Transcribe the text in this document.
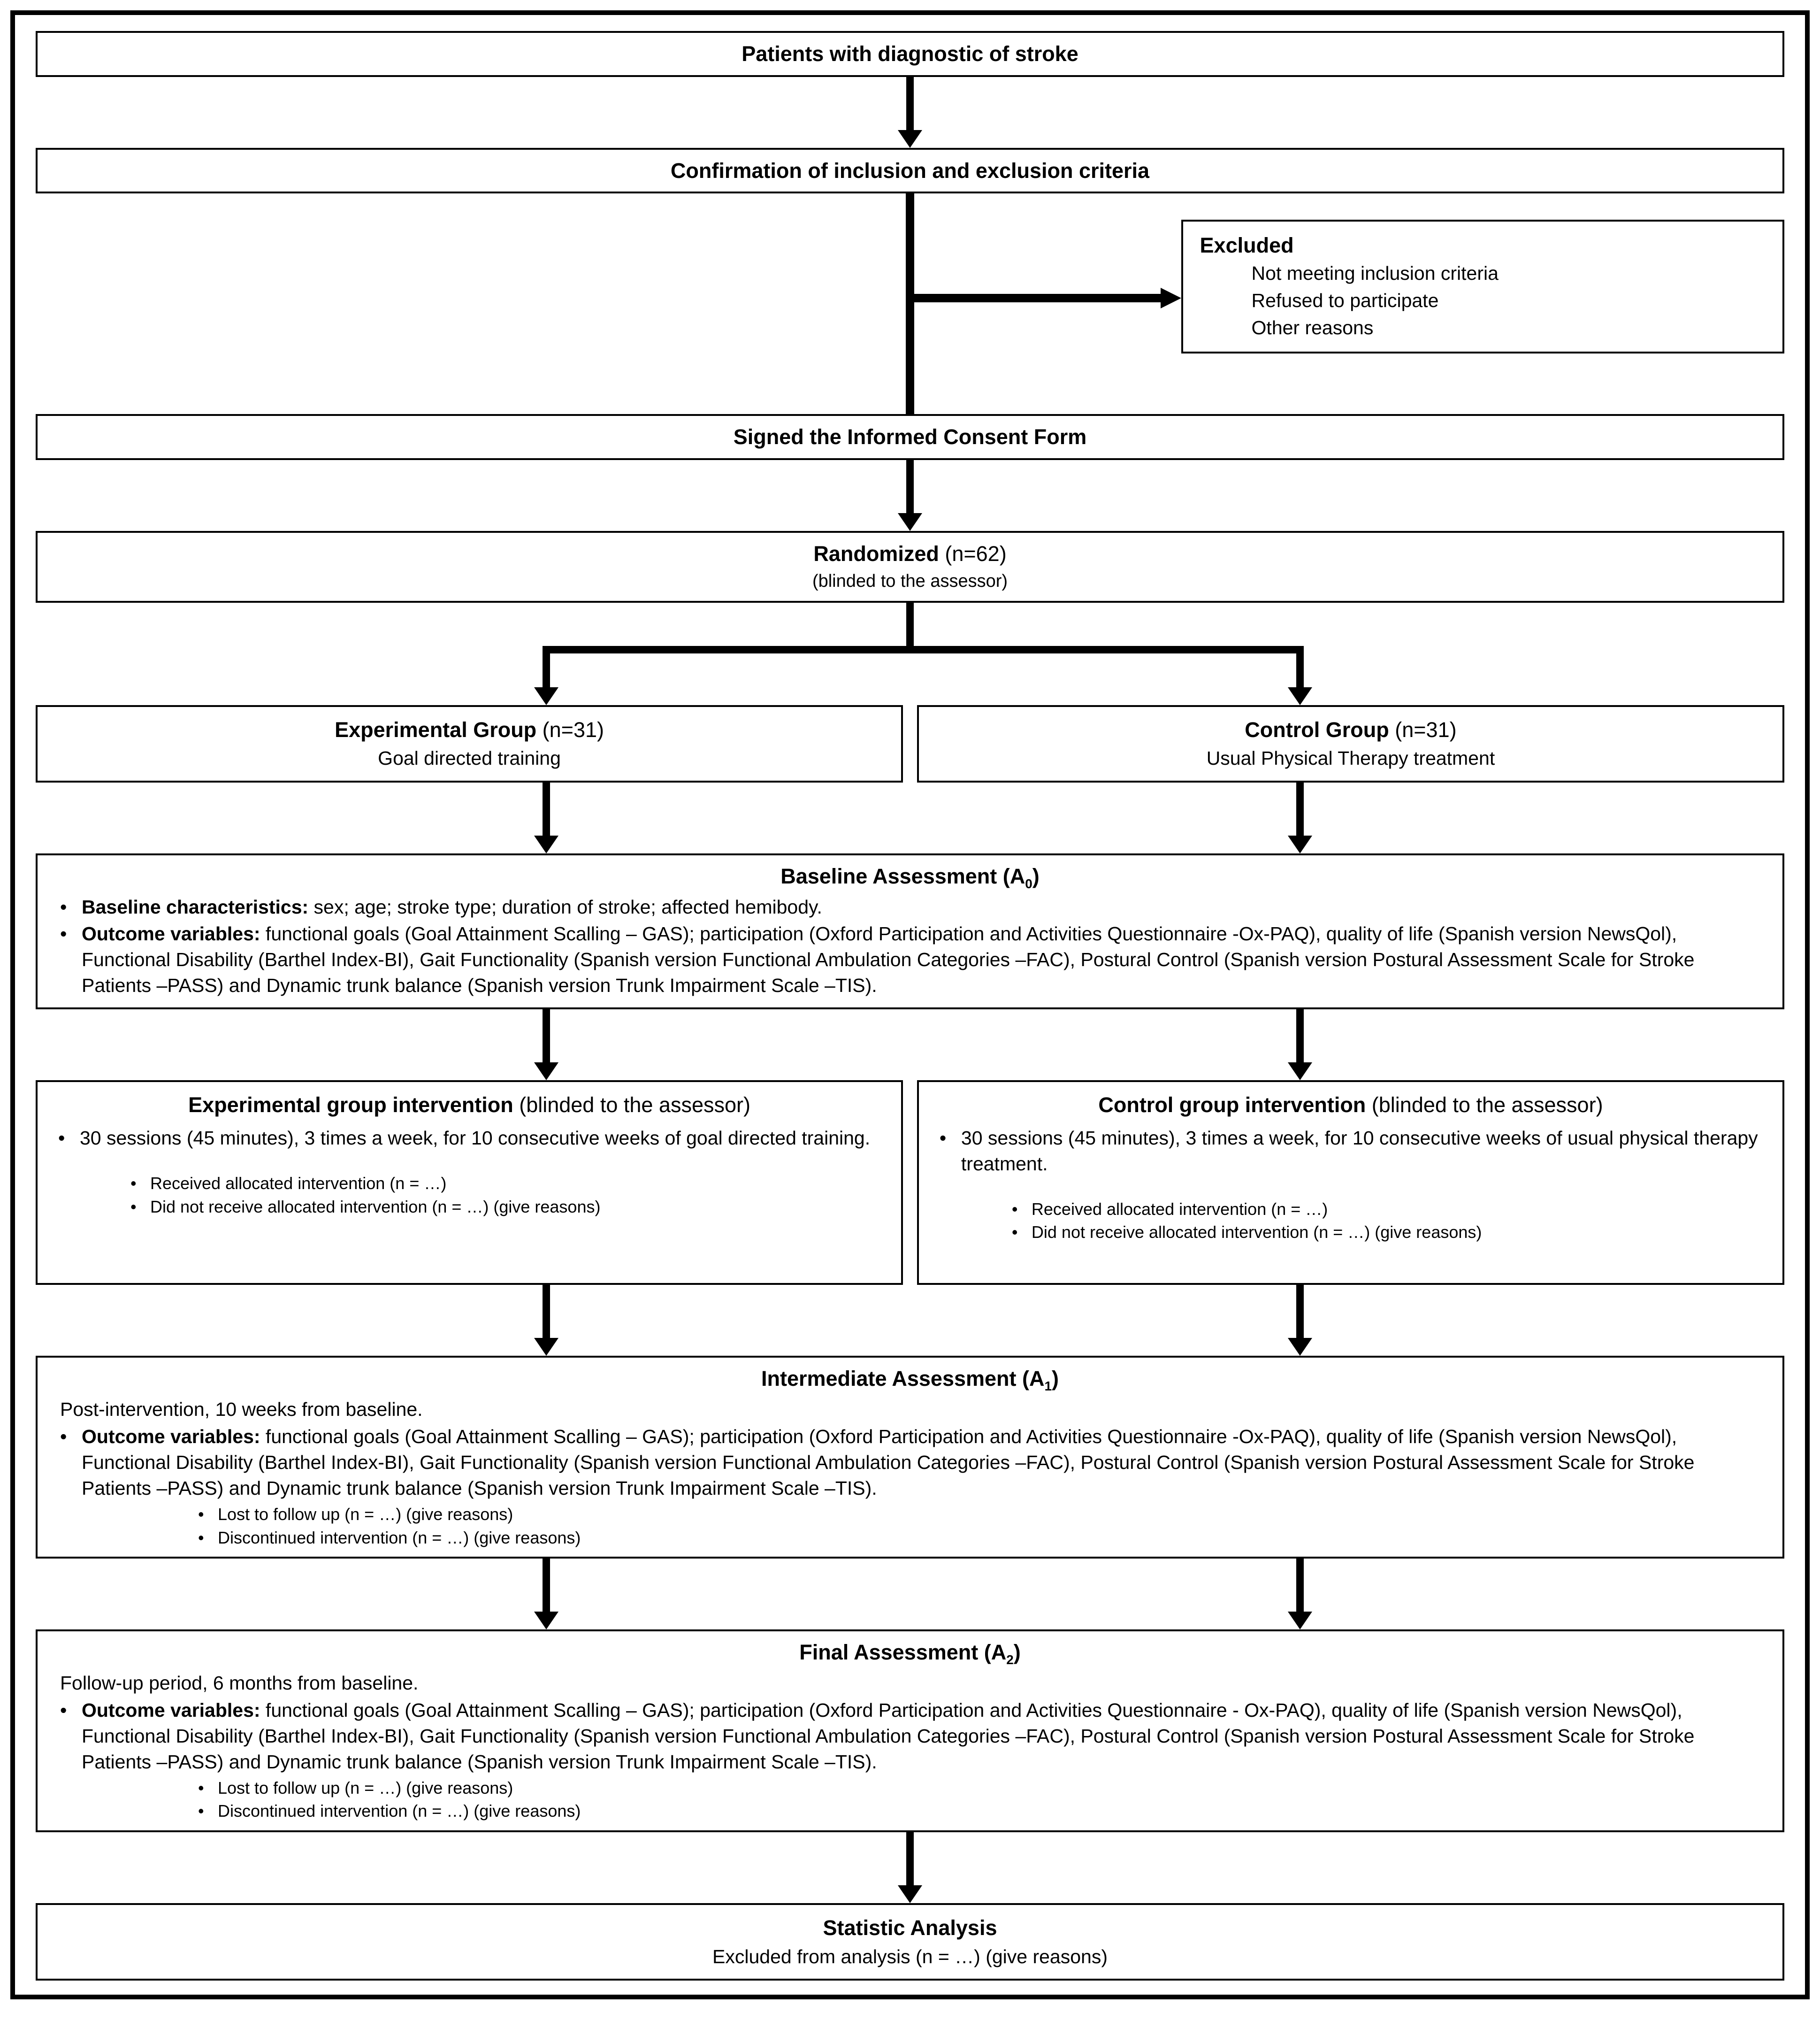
Patients with diagnostic of stroke
Confirmation of inclusion and exclusion criteria
Excluded
Not meeting inclusion criteria
Refused to participate
Other reasons
Signed the Informed Consent Form
Randomized (n=62)
(blinded to the assessor)
Experimental Group (n=31)
Goal directed training
Control Group (n=31)
Usual Physical Therapy treatment
Baseline Assessment $(A_0)$
• Baseline characteristics: sex; age; stroke type; duration of stroke; affected hemibody.
• Outcome variables: functional goals (Goal Attainment Scalling – GAS); participation (Oxford Participation and Activities Questionnaire -Ox-PAQ), quality of life (Spanish version NewsQol), Functional Disability (Barthel Index-BI), Gait Functionality (Spanish version Functional Ambulation Categories –FAC), Postural Control (Spanish version Postural Assessment Scale for Stroke Patients –PASS) and Dynamic trunk balance (Spanish version Trunk Impairment Scale –TIS).
Experimental group intervention (blinded to the assessor)
• 30 sessions (45 minutes), 3 times a week, for 10 consecutive weeks of goal directed training.
• Received allocated intervention (n = …)
• Did not receive allocated intervention (n = …) (give reasons)
Control group intervention (blinded to the assessor)
• 30 sessions (45 minutes), 3 times a week, for 10 consecutive weeks of usual physical therapy treatment.
• Received allocated intervention (n = …)
• Did not receive allocated intervention (n = …) (give reasons)
Intermediate Assessment $(A_1)$
Post-intervention, 10 weeks from baseline.
• Outcome variables: functional goals (Goal Attainment Scalling – GAS); participation (Oxford Participation and Activities Questionnaire -Ox-PAQ), quality of life (Spanish version NewsQol), Functional Disability (Barthel Index-BI), Gait Functionality (Spanish version Functional Ambulation Categories –FAC), Postural Control (Spanish version Postural Assessment Scale for Stroke Patients –PASS) and Dynamic trunk balance (Spanish version Trunk Impairment Scale –TIS).
• Lost to follow up (n = …) (give reasons)
• Discontinued intervention (n = …) (give reasons)
Final Assessment $(A_2)$
Follow-up period, 6 months from baseline.
• Outcome variables: functional goals (Goal Attainment Scalling – GAS); participation (Oxford Participation and Activities Questionnaire - Ox-PAQ), quality of life (Spanish version NewsQol), Functional Disability (Barthel Index-BI), Gait Functionality (Spanish version Functional Ambulation Categories –FAC), Postural Control (Spanish version Postural Assessment Scale for Stroke Patients –PASS) and Dynamic trunk balance (Spanish version Trunk Impairment Scale –TIS).
• Lost to follow up (n = …) (give reasons)
• Discontinued intervention (n = …) (give reasons)
Statistic Analysis
Excluded from analysis (n = …) (give reasons)
